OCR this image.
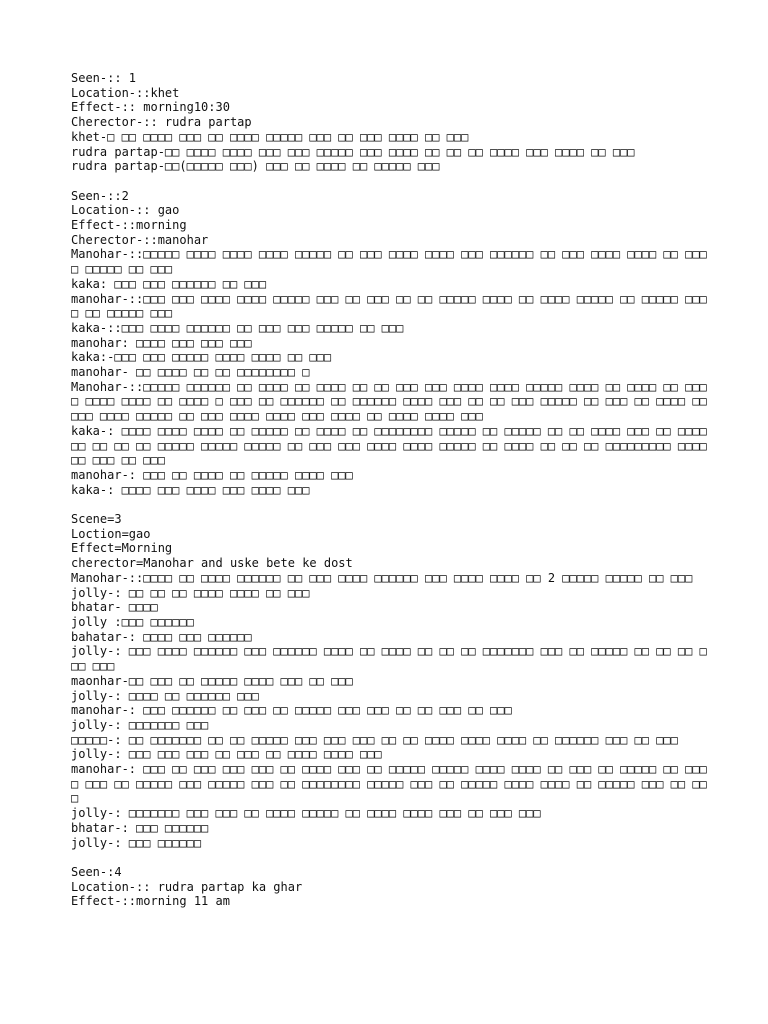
Seen-:: 1
Location-::khet
Effect-:: morning10:30
Cherector-:: rudra partap
khet-□ □□ □□□□ □□□ □□ □□□□ □□□□□ □□□ □□ □□□ □□□□ □□ □□□
rudra partap-□□ □□□□ □□□□ □□□ □□□ □□□□□ □□□ □□□□ □□ □□ □□ □□□□ □□□ □□□□ □□ □□□
rudra partap-□□(□□□□□ □□□) □□□ □□ □□□□ □□ □□□□□ □□□
Seen-::2
Location-:: gao
Effect-::morning
Cherector-::manohar
Manohar-::□□□□□ □□□□ □□□□ □□□□ □□□□□ □□ □□□ □□□□ □□□□ □□□ □□□□□□ □□ □□□ □□□□ □□□□ □□ □□□□ □□□□□ □□ □□□
kaka: □□□ □□□ □□□□□□ □□ □□□
manohar-::□□□ □□□ □□□□ □□□□ □□□□□ □□□ □□ □□□ □□ □□ □□□□□ □□□□ □□ □□□□ □□□□□ □□ □□□□□ □□□□ □□ □□□□□ □□□
kaka-::□□□ □□□□ □□□□□□ □□ □□□ □□□ □□□□□ □□ □□□
manohar: □□□□ □□□ □□□ □□□
kaka:-□□□ □□□ □□□□□ □□□□ □□□□ □□ □□□
manohar- □□ □□□□ □□ □□ □□□□□□□□ □
Manohar-::□□□□□ □□□□□□ □□ □□□□ □□ □□□□ □□ □□ □□□ □□□ □□□□ □□□□ □□□□□ □□□□ □□ □□□□ □□ □□□□ □□□□ □□□□ □□ □□□□ □ □□□ □□ □□□□□□ □□ □□□□□□ □□□□ □□□ □□ □□ □□□ □□□□□ □□ □□□ □□ □□□□ □□□□□ □□□□ □□□□□ □□ □□□ □□□□ □□□□ □□□ □□□□ □□ □□□□ □□□□ □□□
kaka-: □□□□ □□□□ □□□□ □□ □□□□□ □□ □□□□ □□ □□□□□□□□ □□□□□ □□ □□□□□ □□ □□ □□□□ □□□ □□ □□□□ □□ □□ □□ □□ □□□□□ □□□□□ □□□□□ □□ □□□ □□□ □□□□ □□□□ □□□□□ □□ □□□□ □□ □□ □□ □□□□□□□□□ □□□□ □□ □□□ □□ □□□
manohar-: □□□ □□ □□□□ □□ □□□□□ □□□□ □□□
kaka-: □□□□ □□□ □□□□ □□□ □□□□ □□□
Scene=3
Loction=gao
Effect=Morning
cherector=Manohar and uske bete ke dost
Manohar-::□□□□ □□ □□□□ □□□□□□ □□ □□□ □□□□ □□□□□□ □□□ □□□□ □□□□ □□ 2 □□□□□ □□□□□ □□ □□□
jolly-: □□ □□ □□ □□□□ □□□□ □□ □□□
bhatar- □□□□
jolly :□□□ □□□□□□
bahatar-: □□□□ □□□ □□□□□□
jolly-: □□□ □□□□ □□□□□□ □□□ □□□□□□ □□□□ □□ □□□□ □□ □□ □□ □□□□□□□ □□□ □□ □□□□□ □□ □□ □□ □□□ □□□
maonhar-□□ □□□ □□ □□□□□ □□□□ □□□ □□ □□□
jolly-: □□□□ □□ □□□□□□ □□□
manohar-: □□□ □□□□□□ □□ □□□ □□ □□□□□ □□□ □□□ □□ □□ □□□ □□ □□□
jolly-: □□□□□□□ □□□
□□□□□-: □□ □□□□□□□ □□ □□ □□□□□ □□□ □□□ □□□ □□ □□ □□□□ □□□□ □□□□ □□ □□□□□□ □□□ □□ □□□
jolly-: □□□ □□□ □□□ □□ □□□ □□ □□□□ □□□□ □□□
manohar-: □□□ □□ □□□ □□□ □□□ □□ □□□□ □□□ □□ □□□□□ □□□□□ □□□□ □□□□ □□ □□□ □□ □□□□□ □□ □□□□ □□□ □□ □□□□□ □□□ □□□□□ □□□ □□ □□□□□□□□ □□□□□ □□□ □□ □□□□□ □□□□ □□□□ □□ □□□□□ □□□ □□ □□□
jolly-: □□□□□□□ □□□ □□□ □□ □□□□ □□□□□ □□ □□□□ □□□□ □□□ □□ □□□ □□□
bhatar-: □□□ □□□□□□
jolly-: □□□ □□□□□□
Seen-:4
Location-:: rudra partap ka ghar
Effect-::morning 11 am
